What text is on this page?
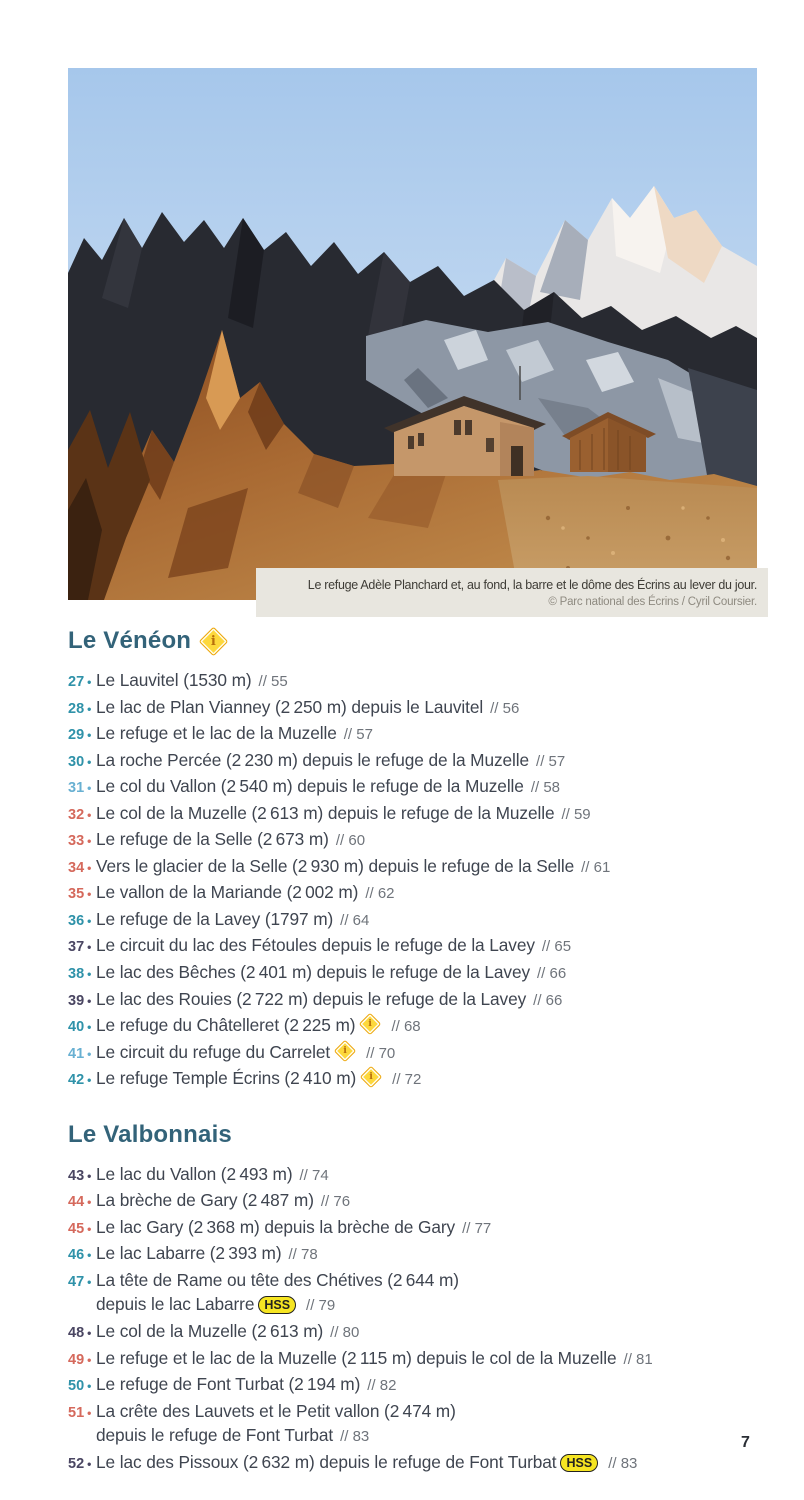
Le refuge Adèle Planchard et, au fond, la barre et le dôme des Écrins au lever du jour.
© Parc national des Écrins / Cyril Coursier.
Le Vénéon	i
27 • Le Lauvitel (1530 m) // 55
28 • Le lac de Plan Vianney (2 250 m) depuis le Lauvitel // 56
29 • Le refuge et le lac de la Muzelle // 57
30 • La roche Percée (2 230 m) depuis le refuge de la Muzelle // 57
31 • Le col du Vallon (2 540 m) depuis le refuge de la Muzelle // 58
32 • Le col de la Muzelle (2 613 m) depuis le refuge de la Muzelle // 59
33 • Le refuge de la Selle (2 673 m) // 60
34 • Vers le glacier de la Selle (2 930 m) depuis le refuge de la Selle // 61
35 • Le vallon de la Mariande (2 002 m) // 62
36 • Le refuge de la Lavey (1797 m) // 64
37 • Le circuit du lac des Fétoules depuis le refuge de la Lavey // 65
38 • Le lac des Bêches (2 401 m) depuis le refuge de la Lavey // 66
39 • Le lac des Rouies (2 722 m) depuis le refuge de la Lavey // 66
40 • Le refuge du Châtelleret (2 225 m)	i	// 68
41 • Le circuit du refuge du Carrelet	i	// 70
42 • Le refuge Temple Écrins (2 410 m)	i	// 72
Le Valbonnais
43 • Le lac du Vallon (2 493 m) // 74
44 • La brèche de Gary (2 487 m) // 76
45 • Le lac Gary (2 368 m) depuis la brèche de Gary // 77
46 • Le lac Labarre (2 393 m) // 78
47 • La tête de Rame ou tête des Chétives (2 644 m)
depuis le lac Labarre HSS // 79
48 • Le col de la Muzelle (2 613 m) // 80
49 • Le refuge et le lac de la Muzelle (2 115 m) depuis le col de la Muzelle // 81
50 • Le refuge de Font Turbat (2 194 m) // 82
51 • La crête des Lauvets et le Petit vallon (2 474 m)
depuis le refuge de Font Turbat // 83
52 • Le lac des Pissoux (2 632 m) depuis le refuge de Font Turbat HSS // 83
7
